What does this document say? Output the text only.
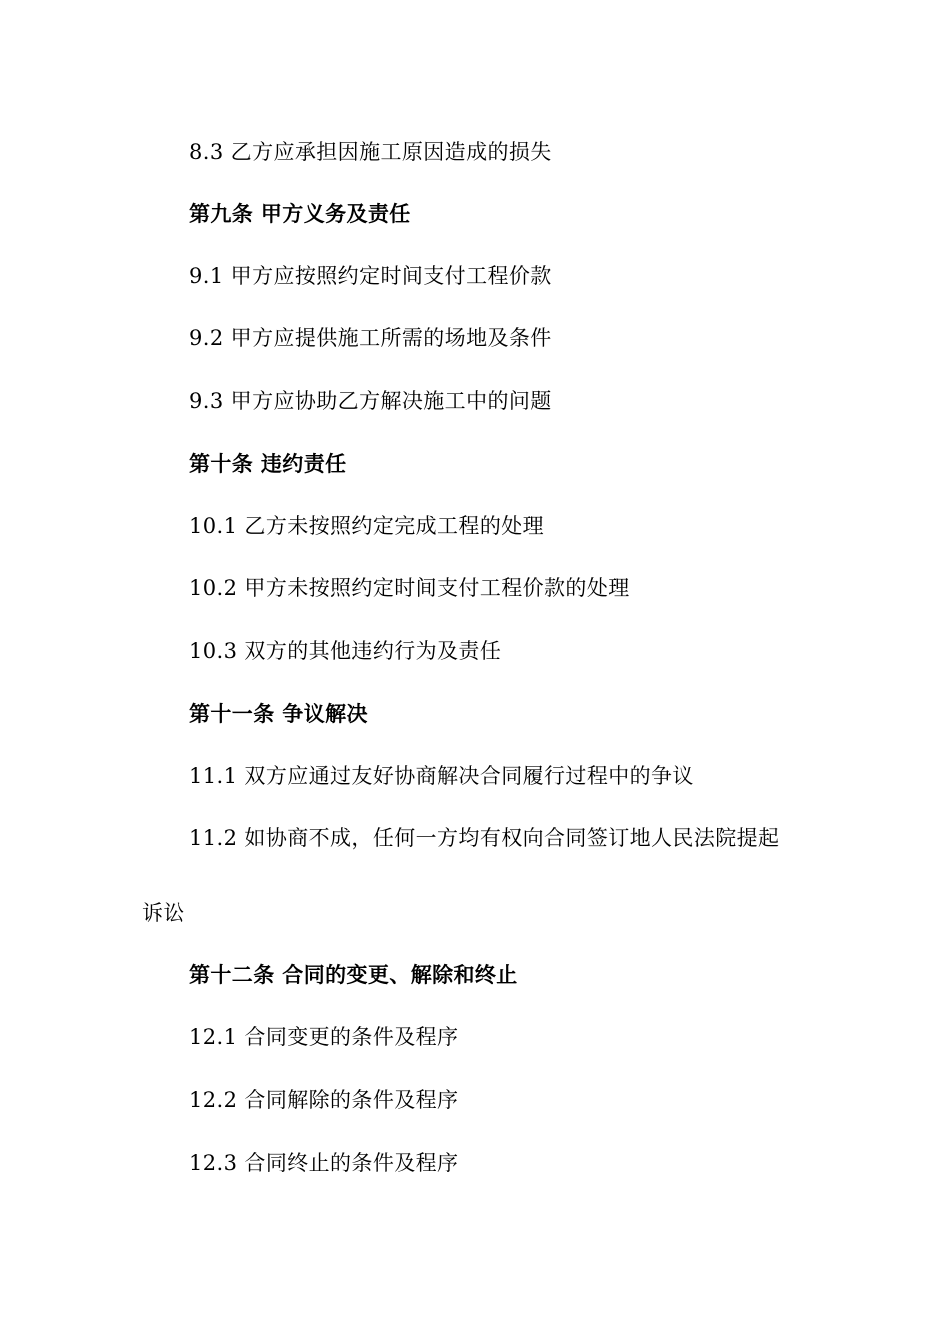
8.3 乙方应承担因施工原因造成的损失
第九条 甲方义务及责任
9.1 甲方应按照约定时间支付工程价款
9.2 甲方应提供施工所需的场地及条件
9.3 甲方应协助乙方解决施工中的问题
第十条 违约责任
10.1 乙方未按照约定完成工程的处理
10.2 甲方未按照约定时间支付工程价款的处理
10.3 双方的其他违约行为及责任
第十一条 争议解决
11.1 双方应通过友好协商解决合同履行过程中的争议
11.2 如协商不成，任何一方均有权向合同签订地人民法院提起
诉讼
第十二条 合同的变更、解除和终止
12.1 合同变更的条件及程序
12.2 合同解除的条件及程序
12.3 合同终止的条件及程序
